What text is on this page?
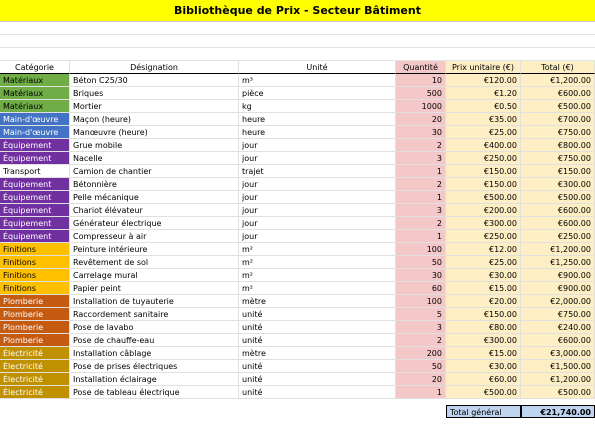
Bibliothèque de Prix - Secteur Bâtiment
Catégorie	Désignation	Unité	Quantité	Prix unitaire (€)	Total (€)
Matériaux	Béton C25/30	m³	10	€120.00	€1,200.00
Matériaux	Briques	pièce	500	€1.20	€600.00
Matériaux	Mortier	kg	1000	€0.50	€500.00
Main-d'œuvre	Maçon (heure)	heure	20	€35.00	€700.00
Main-d'œuvre	Manœuvre (heure)	heure	30	€25.00	€750.00
Équipement	Grue mobile	jour	2	€400.00	€800.00
Équipement	Nacelle	jour	3	€250.00	€750.00
Transport	Camion de chantier	trajet	1	€150.00	€150.00
Équipement	Bétonnière	jour	2	€150.00	€300.00
Équipement	Pelle mécanique	jour	1	€500.00	€500.00
Équipement	Chariot élévateur	jour	3	€200.00	€600.00
Équipement	Générateur électrique	jour	2	€300.00	€600.00
Équipement	Compresseur à air	jour	1	€250.00	€250.00
Finitions	Peinture intérieure	m²	100	€12.00	€1,200.00
Finitions	Revêtement de sol	m²	50	€25.00	€1,250.00
Finitions	Carrelage mural	m²	30	€30.00	€900.00
Finitions	Papier peint	m²	60	€15.00	€900.00
Plomberie	Installation de tuyauterie	mètre	100	€20.00	€2,000.00
Plomberie	Raccordement sanitaire	unité	5	€150.00	€750.00
Plomberie	Pose de lavabo	unité	3	€80.00	€240.00
Plomberie	Pose de chauffe-eau	unité	2	€300.00	€600.00
Électricité	Installation câblage	mètre	200	€15.00	€3,000.00
Électricité	Pose de prises électriques	unité	50	€30.00	€1,500.00
Électricité	Installation éclairage	unité	20	€60.00	€1,200.00
Électricité	Pose de tableau électrique	unité	1	€500.00	€500.00
Total général	€21,740.00
